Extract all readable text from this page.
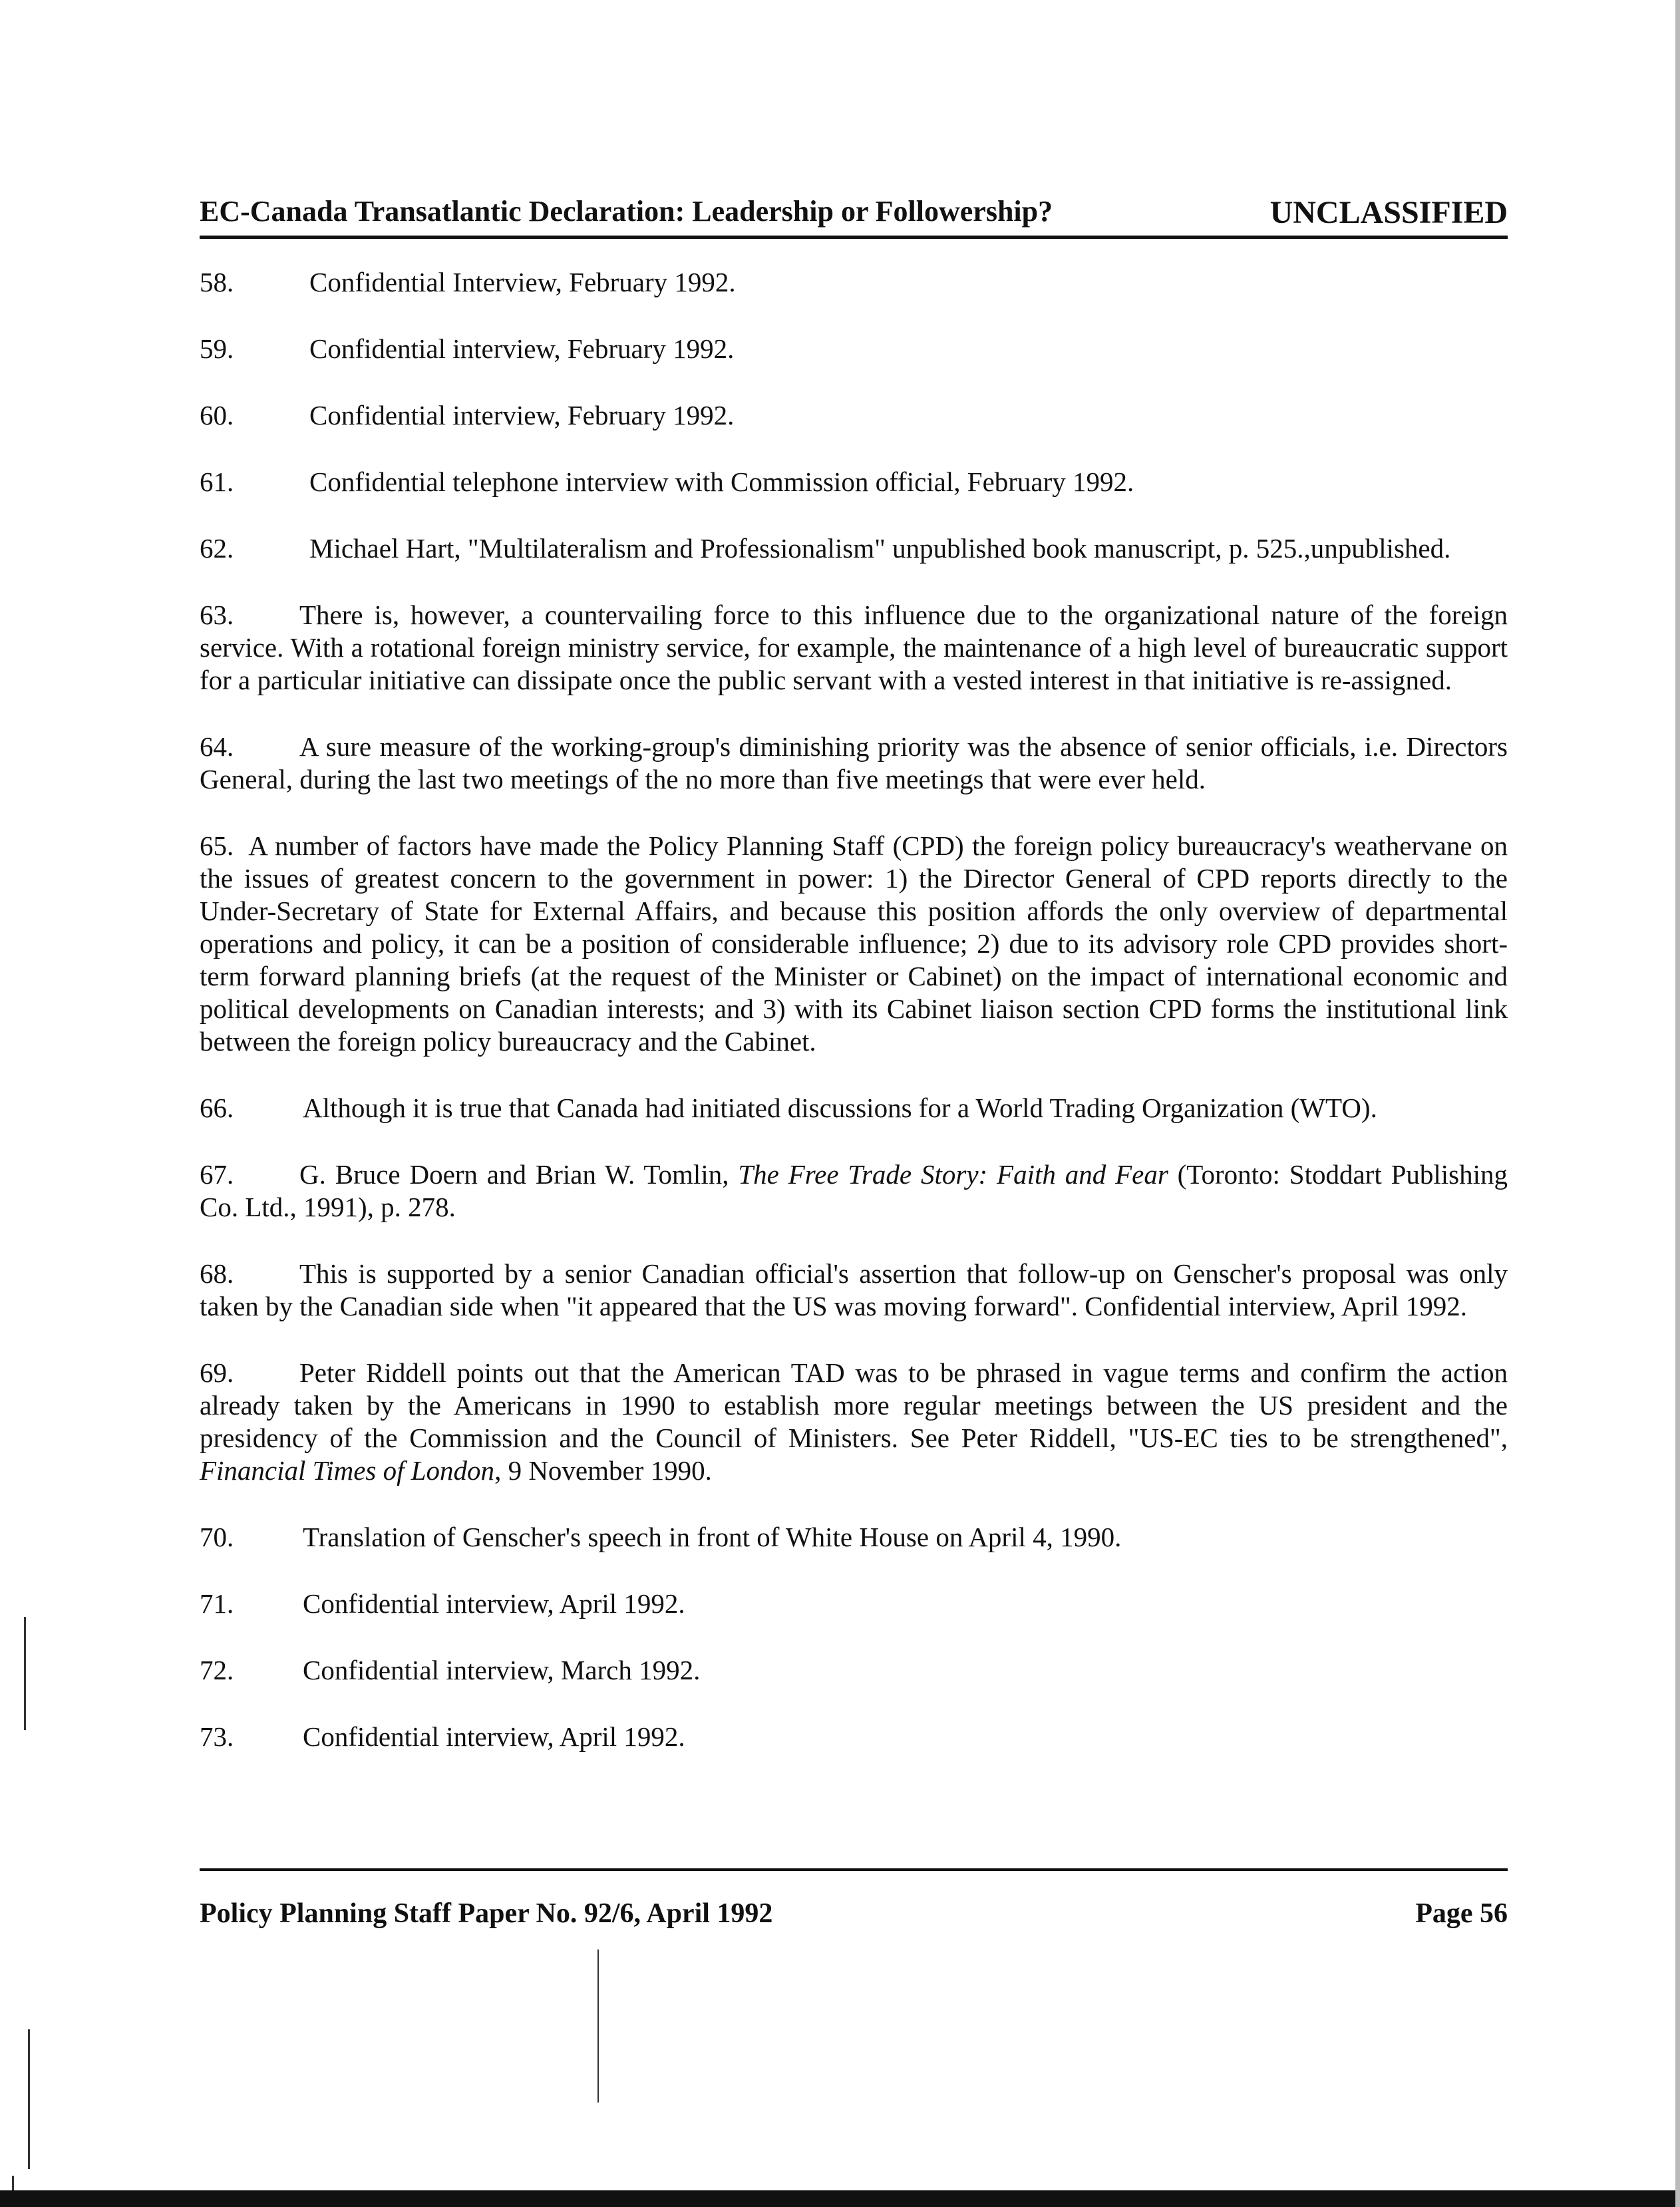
EC-Canada Transatlantic Declaration: Leadership or Followership?	UNCLASSIFIED

58.	Confidential Interview, February 1992.

59.	Confidential interview, February 1992.

60.	Confidential interview, February 1992.

61.	Confidential telephone interview with Commission official, February 1992.

62.	Michael Hart, "Multilateralism and Professionalism" unpublished book manuscript, p. 525.,unpublished.

63. There is, however, a countervailing force to this influence due to the organizational nature of the foreign service. With a rotational foreign ministry service, for example, the maintenance of a high level of bureaucratic support for a particular initiative can dissipate once the public servant with a vested interest in that initiative is re-assigned.

64. A sure measure of the working-group's diminishing priority was the absence of senior officials, i.e. Directors General, during the last two meetings of the no more than five meetings that were ever held.

65. A number of factors have made the Policy Planning Staff (CPD) the foreign policy bureaucracy's weathervane on the issues of greatest concern to the government in power: 1) the Director General of CPD reports directly to the Under-Secretary of State for External Affairs, and because this position affords the only overview of departmental operations and policy, it can be a position of considerable influence; 2) due to its advisory role CPD provides short-term forward planning briefs (at the request of the Minister or Cabinet) on the impact of international economic and political developments on Canadian interests; and 3) with its Cabinet liaison section CPD forms the institutional link between the foreign policy bureaucracy and the Cabinet.

66.	Although it is true that Canada had initiated discussions for a World Trading Organization (WTO).

67. G. Bruce Doern and Brian W. Tomlin, The Free Trade Story: Faith and Fear (Toronto: Stoddart Publishing Co. Ltd., 1991), p. 278.

68. This is supported by a senior Canadian official's assertion that follow-up on Genscher's proposal was only taken by the Canadian side when "it appeared that the US was moving forward". Confidential interview, April 1992.

69. Peter Riddell points out that the American TAD was to be phrased in vague terms and confirm the action already taken by the Americans in 1990 to establish more regular meetings between the US president and the presidency of the Commission and the Council of Ministers. See Peter Riddell, "US-EC ties to be strengthened", Financial Times of London, 9 November 1990.

70.	Translation of Genscher's speech in front of White House on April 4, 1990.

71.	Confidential interview, April 1992.

72.	Confidential interview, March 1992.

73.	Confidential interview, April 1992.

Policy Planning Staff Paper No. 92/6, April 1992	Page 56
